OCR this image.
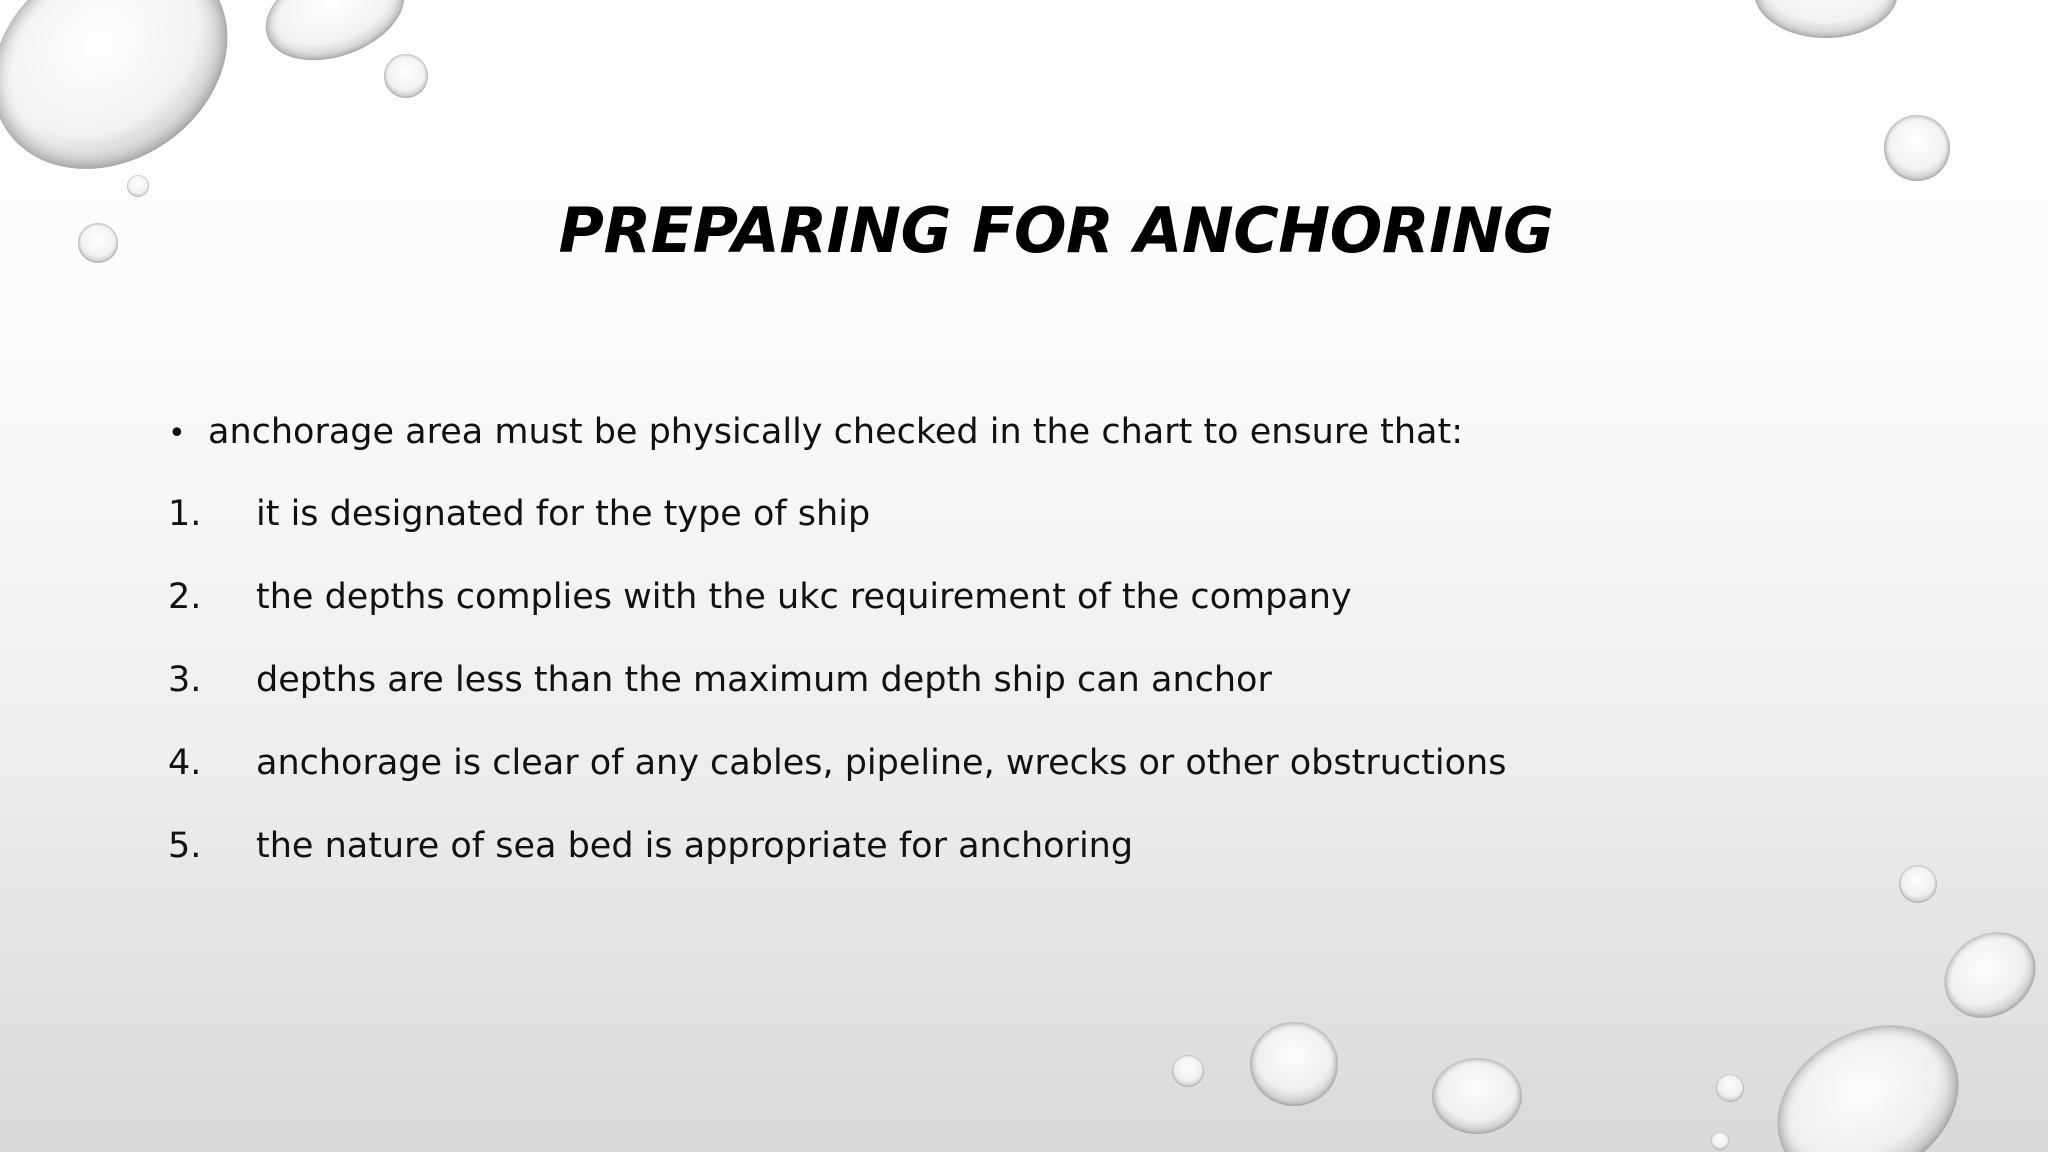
PREPARING FOR ANCHORING
• anchorage area must be physically checked in the chart to ensure that:
1.	it is designated for the type of ship
2.	the depths complies with the ukc requirement of the company
3.	depths are less than the maximum depth ship can anchor
4.	anchorage is clear of any cables, pipeline, wrecks or other obstructions
5.	the nature of sea bed is appropriate for anchoring
